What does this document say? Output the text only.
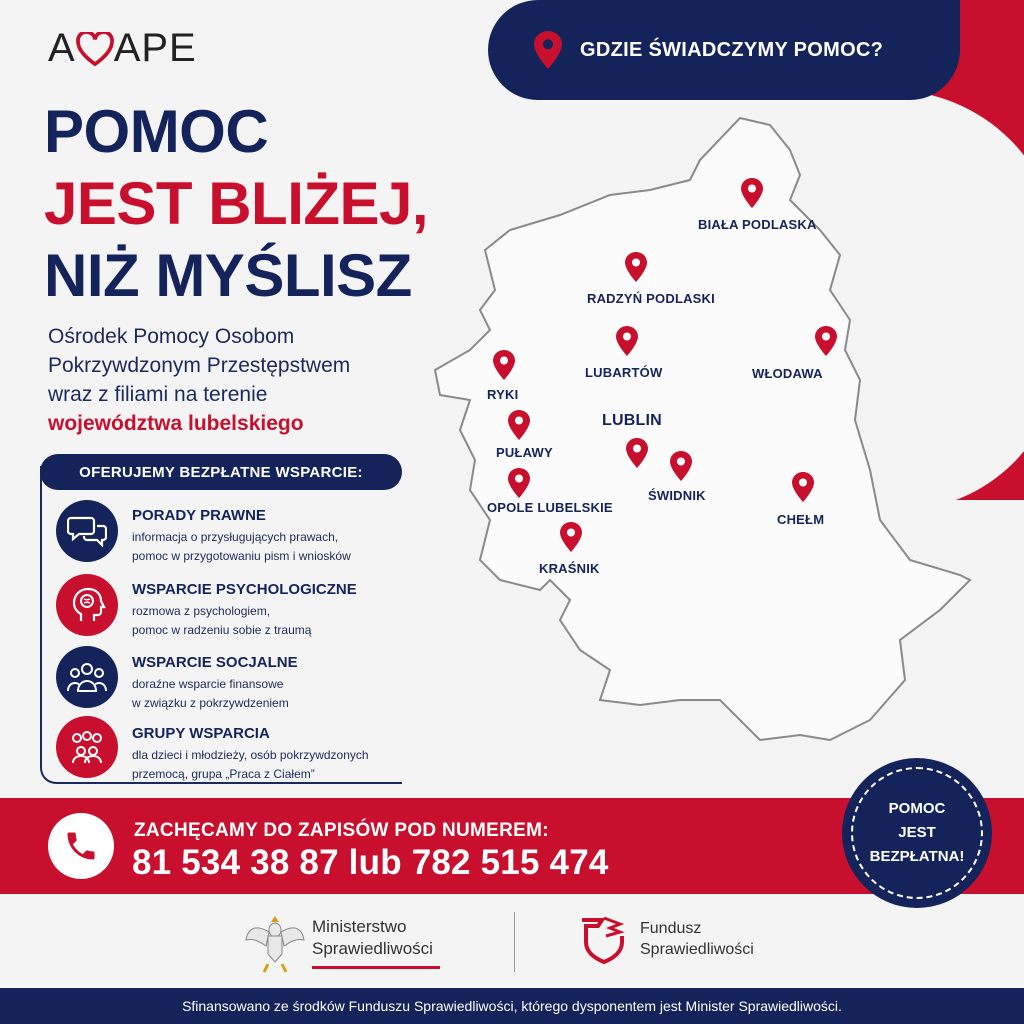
GDZIE ŚWIADCZYMY POMOC?
A APE
POMOC
JEST BLIŻEJ,
NIŻ MYŚLISZ
Ośrodek Pomocy Osobom
Pokrzywdzonym Przestępstwem
wraz z filiami na terenie
województwa lubelskiego
OFERUJEMY BEZPŁATNE WSPARCIE:
PORADY PRAWNE
informacja o przysługujących prawach,
pomoc w przygotowaniu pism i wniosków
WSPARCIE PSYCHOLOGICZNE
rozmowa z psychologiem,
pomoc w radzeniu sobie z traumą
WSPARCIE SOCJALNE
doraźne wsparcie finansowe
w związku z pokrzywdzeniem
GRUPY WSPARCIA
dla dzieci i młodzieży, osób pokrzywdzonych
przemocą, grupa „Praca z Ciałem”
BIAŁA PODLASKA
RADZYŃ PODLASKI
LUBARTÓW	WŁODAWA
RYKI
LUBLIN
PUŁAWY
ŚWIDNIK
OPOLE LUBELSKIE
CHEŁM
KRAŚNIK
ZACHĘCAMY DO ZAPISÓW POD NUMEREM:
81 534 38 87 lub 782 515 474
POMOC
JEST
BEZPŁATNA!
Ministerstwo
Sprawiedliwości
Fundusz
Sprawiedliwości
Sfinansowano ze środków Funduszu Sprawiedliwości, którego dysponentem jest Minister Sprawiedliwości.
